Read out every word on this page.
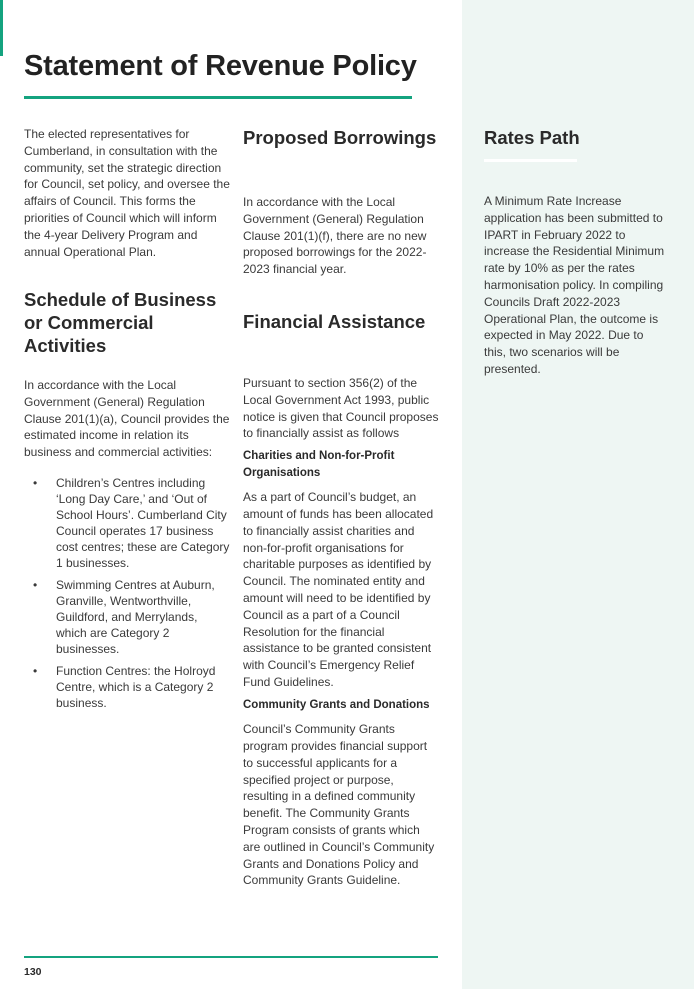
Statement of Revenue Policy

The elected representatives for Cumberland, in consultation with the community, set the strategic direction for Council, set policy, and oversee the affairs of Council. This forms the priorities of Council which will inform the 4-year Delivery Program and annual Operational Plan.

Schedule of Business or Commercial Activities

In accordance with the Local Government (General) Regulation Clause 201(1)(a), Council provides the estimated income in relation its business and commercial activities:

• Children’s Centres including ‘Long Day Care,’ and ‘Out of School Hours’. Cumberland City Council operates 17 business cost centres; these are Category 1 businesses.
• Swimming Centres at Auburn, Granville, Wentworthville, Guildford, and Merrylands, which are Category 2 businesses.
• Function Centres: the Holroyd Centre, which is a Category 2 business.
Proposed Borrowings

In accordance with the Local Government (General) Regulation Clause 201(1)(f), there are no new proposed borrowings for the 2022-2023 financial year.

Financial Assistance

Pursuant to section 356(2) of the Local Government Act 1993, public notice is given that Council proposes to financially assist as follows

Charities and Non-for-Profit Organisations

As a part of Council’s budget, an amount of funds has been allocated to financially assist charities and non-for-profit organisations for charitable purposes as identified by Council. The nominated entity and amount will need to be identified by Council as a part of a Council Resolution for the financial assistance to be granted consistent with Council’s Emergency Relief Fund Guidelines.

Community Grants and Donations

Council’s Community Grants program provides financial support to successful applicants for a specified project or purpose, resulting in a defined community benefit. The Community Grants Program consists of grants which are outlined in Council’s Community Grants and Donations Policy and Community Grants Guideline.

Rates Path

A Minimum Rate Increase application has been submitted to IPART in February 2022 to increase the Residential Minimum rate by 10% as per the rates harmonisation policy. In compiling Councils Draft 2022-2023 Operational Plan, the outcome is expected in May 2022. Due to this, two scenarios will be presented.

130
